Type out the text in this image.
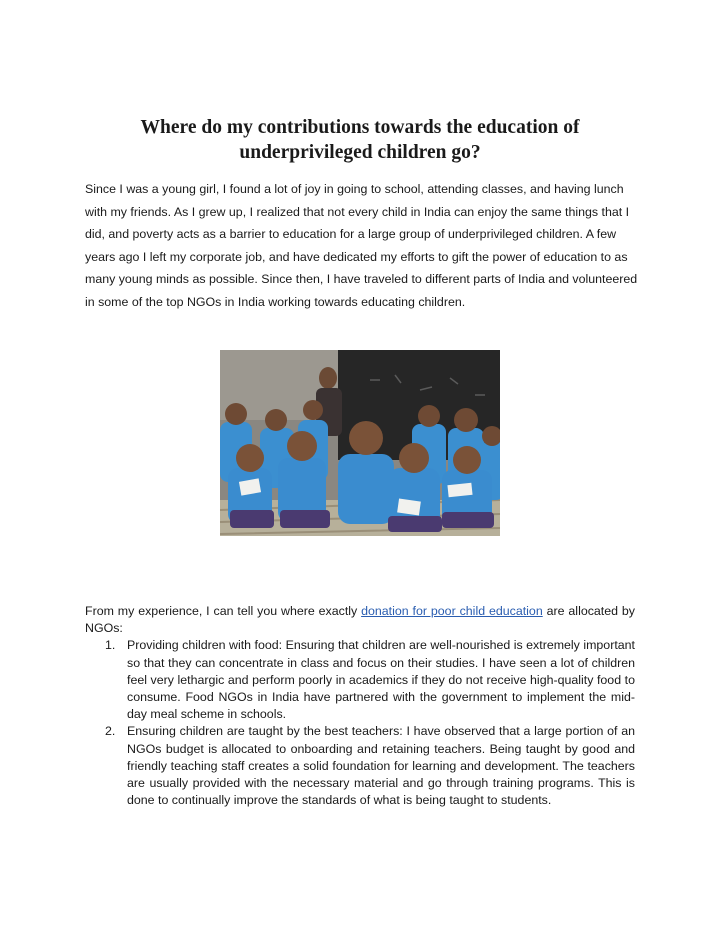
Where do my contributions towards the education of underprivileged children go?
Since I was a young girl, I found a lot of joy in going to school, attending classes, and having lunch with my friends. As I grew up, I realized that not every child in India can enjoy the same things that I did, and poverty acts as a barrier to education for a large group of underprivileged children. A few years ago I left my corporate job, and have dedicated my efforts to gift the power of education to as many young minds as possible. Since then, I have traveled to different parts of India and volunteered in some of the top NGOs in India working towards educating children.
From my experience, I can tell you where exactly donation for poor child education are allocated by NGOs:
1. Providing children with food: Ensuring that children are well-nourished is extremely important so that they can concentrate in class and focus on their studies. I have seen a lot of children feel very lethargic and perform poorly in academics if they do not receive high-quality food to consume. Food NGOs in India have partnered with the government to implement the mid-day meal scheme in schools.
2. Ensuring children are taught by the best teachers: I have observed that a large portion of an NGOs budget is allocated to onboarding and retaining teachers. Being taught by good and friendly teaching staff creates a solid foundation for learning and development. The teachers are usually provided with the necessary material and go through training programs. This is done to continually improve the standards of what is being taught to students.
